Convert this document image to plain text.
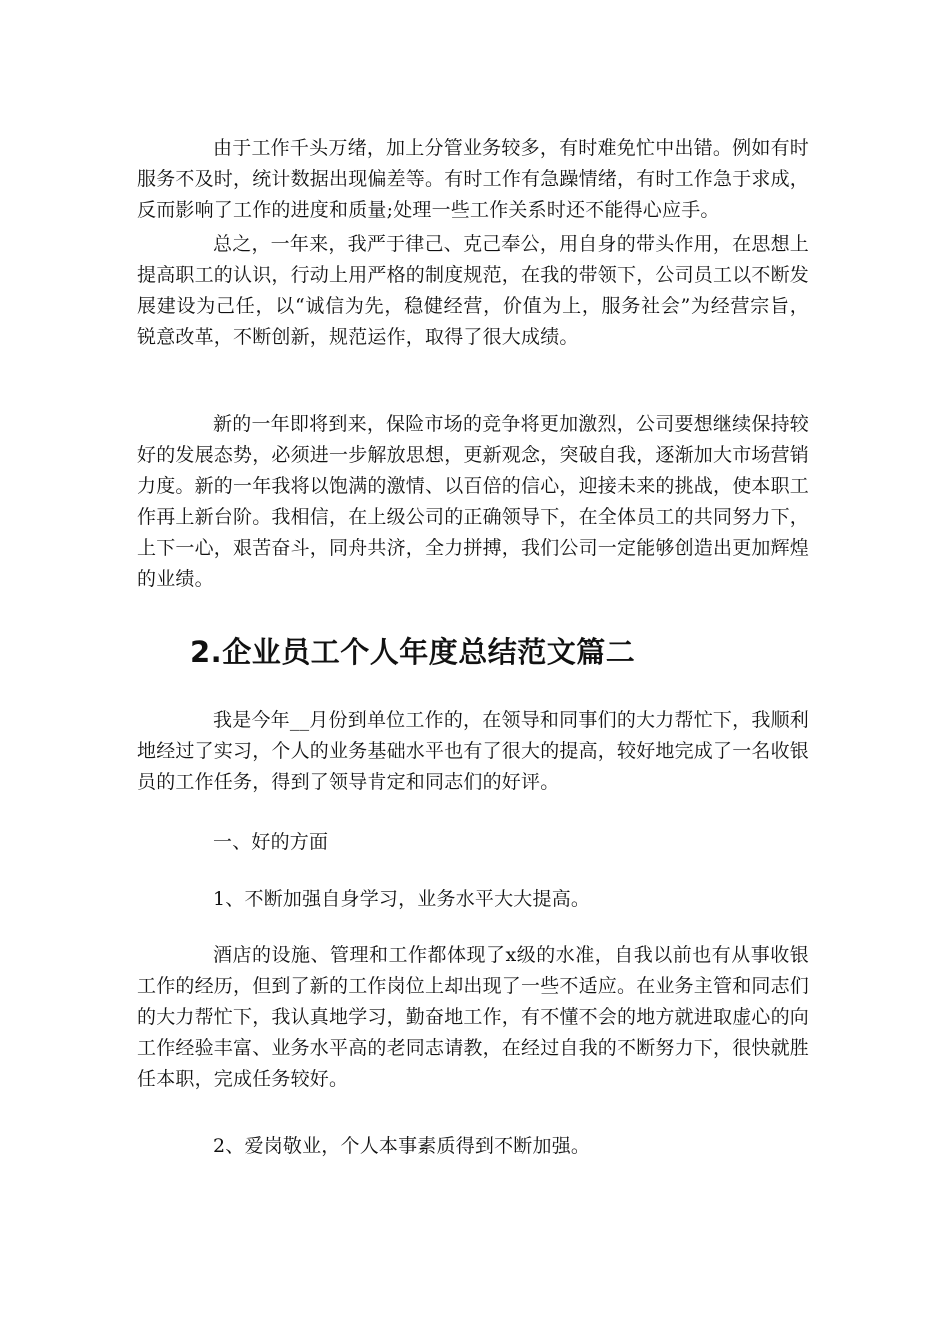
由于工作千头万绪，加上分管业务较多，有时难免忙中出错。例如有时服务不及时，统计数据出现偏差等。有时工作有急躁情绪，有时工作急于求成，反而影响了工作的进度和质量;处理一些工作关系时还不能得心应手。

总之，一年来，我严于律己、克己奉公，用自身的带头作用，在思想上提高职工的认识，行动上用严格的制度规范，在我的带领下，公司员工以不断发展建设为己任，以“诚信为先，稳健经营，价值为上，服务社会”为经营宗旨，锐意改革，不断创新，规范运作，取得了很大成绩。

新的一年即将到来，保险市场的竞争将更加激烈，公司要想继续保持较好的发展态势，必须进一步解放思想，更新观念，突破自我，逐渐加大市场营销力度。新的一年我将以饱满的激情、以百倍的信心，迎接未来的挑战，使本职工作再上新台阶。我相信，在上级公司的正确领导下，在全体员工的共同努力下，上下一心，艰苦奋斗，同舟共济，全力拼搏，我们公司一定能够创造出更加辉煌的业绩。

2.企业员工个人年度总结范文篇二

我是今年__月份到单位工作的，在领导和同事们的大力帮忙下，我顺利地经过了实习，个人的业务基础水平也有了很大的提高，较好地完成了一名收银员的工作任务，得到了领导肯定和同志们的好评。

一、好的方面

1、不断加强自身学习，业务水平大大提高。

酒店的设施、管理和工作都体现了x级的水准，自我以前也有从事收银工作的经历，但到了新的工作岗位上却出现了一些不适应。在业务主管和同志们的大力帮忙下，我认真地学习，勤奋地工作，有不懂不会的地方就进取虚心的向工作经验丰富、业务水平高的老同志请教，在经过自我的不断努力下，很快就胜任本职，完成任务较好。

2、爱岗敬业，个人本事素质得到不断加强。
